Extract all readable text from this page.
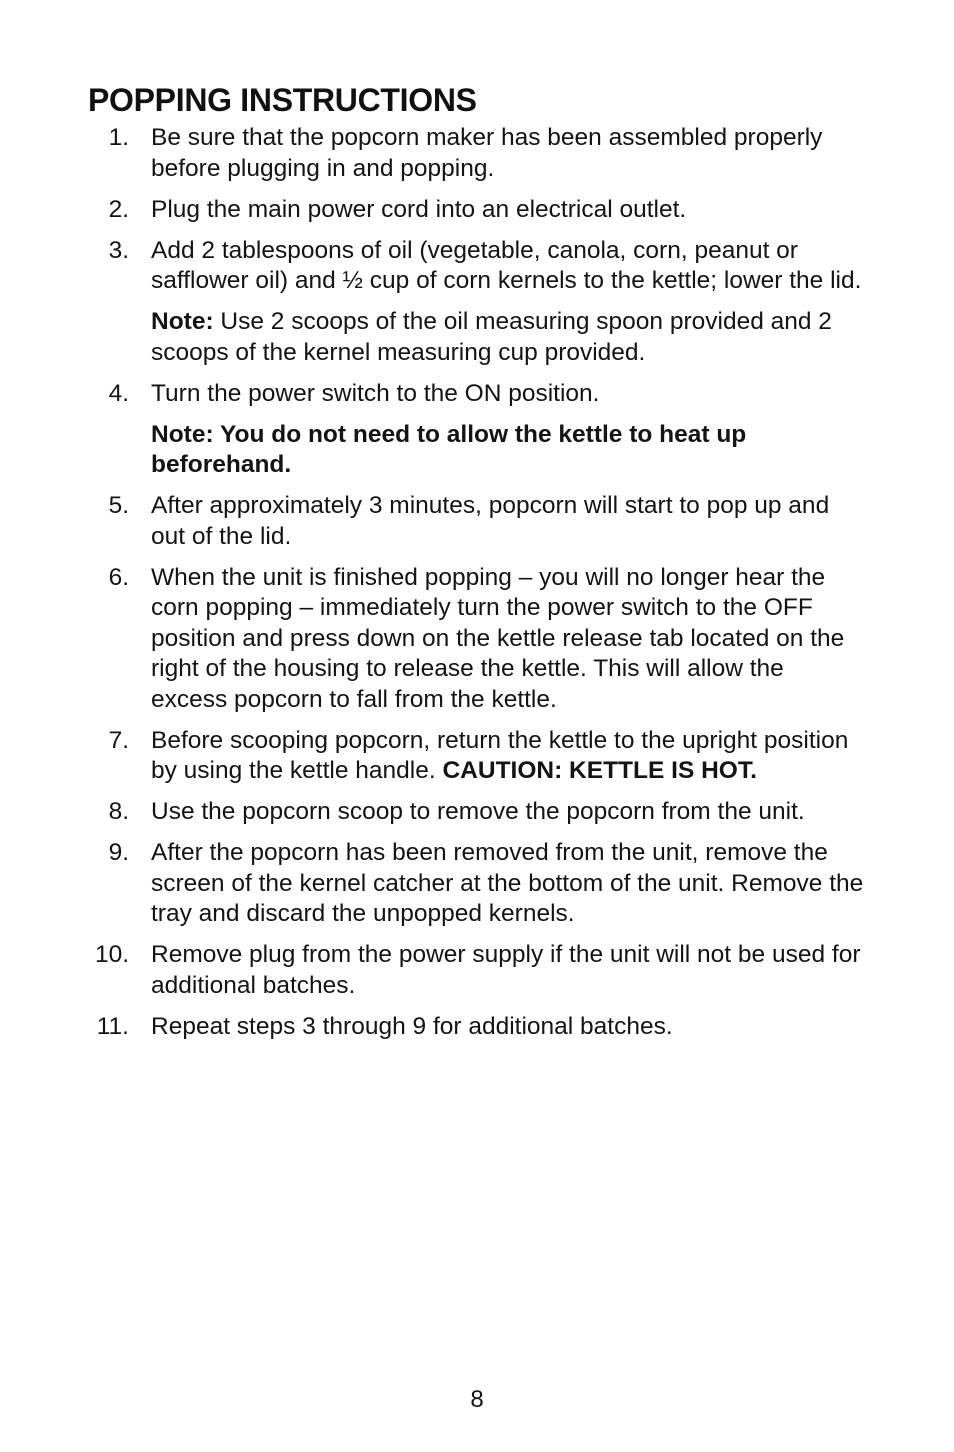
POPPING INSTRUCTIONS
1. Be sure that the popcorn maker has been assembled properly before plugging in and popping.
2. Plug the main power cord into an electrical outlet.
3. Add 2 tablespoons of oil (vegetable, canola, corn, peanut or safflower oil) and ½ cup of corn kernels to the kettle; lower the lid.
Note: Use 2 scoops of the oil measuring spoon provided and 2 scoops of the kernel measuring cup provided.
4. Turn the power switch to the ON position.
Note: You do not need to allow the kettle to heat up beforehand.
5. After approximately 3 minutes, popcorn will start to pop up and out of the lid.
6. When the unit is finished popping – you will no longer hear the corn popping – immediately turn the power switch to the OFF position and press down on the kettle release tab located on the right of the housing to release the kettle. This will allow the excess popcorn to fall from the kettle.
7. Before scooping popcorn, return the kettle to the upright position by using the kettle handle. CAUTION: KETTLE IS HOT.
8. Use the popcorn scoop to remove the popcorn from the unit.
9. After the popcorn has been removed from the unit, remove the screen of the kernel catcher at the bottom of the unit. Remove the tray and discard the unpopped kernels.
10. Remove plug from the power supply if the unit will not be used for additional batches.
11. Repeat steps 3 through 9 for additional batches.
8
